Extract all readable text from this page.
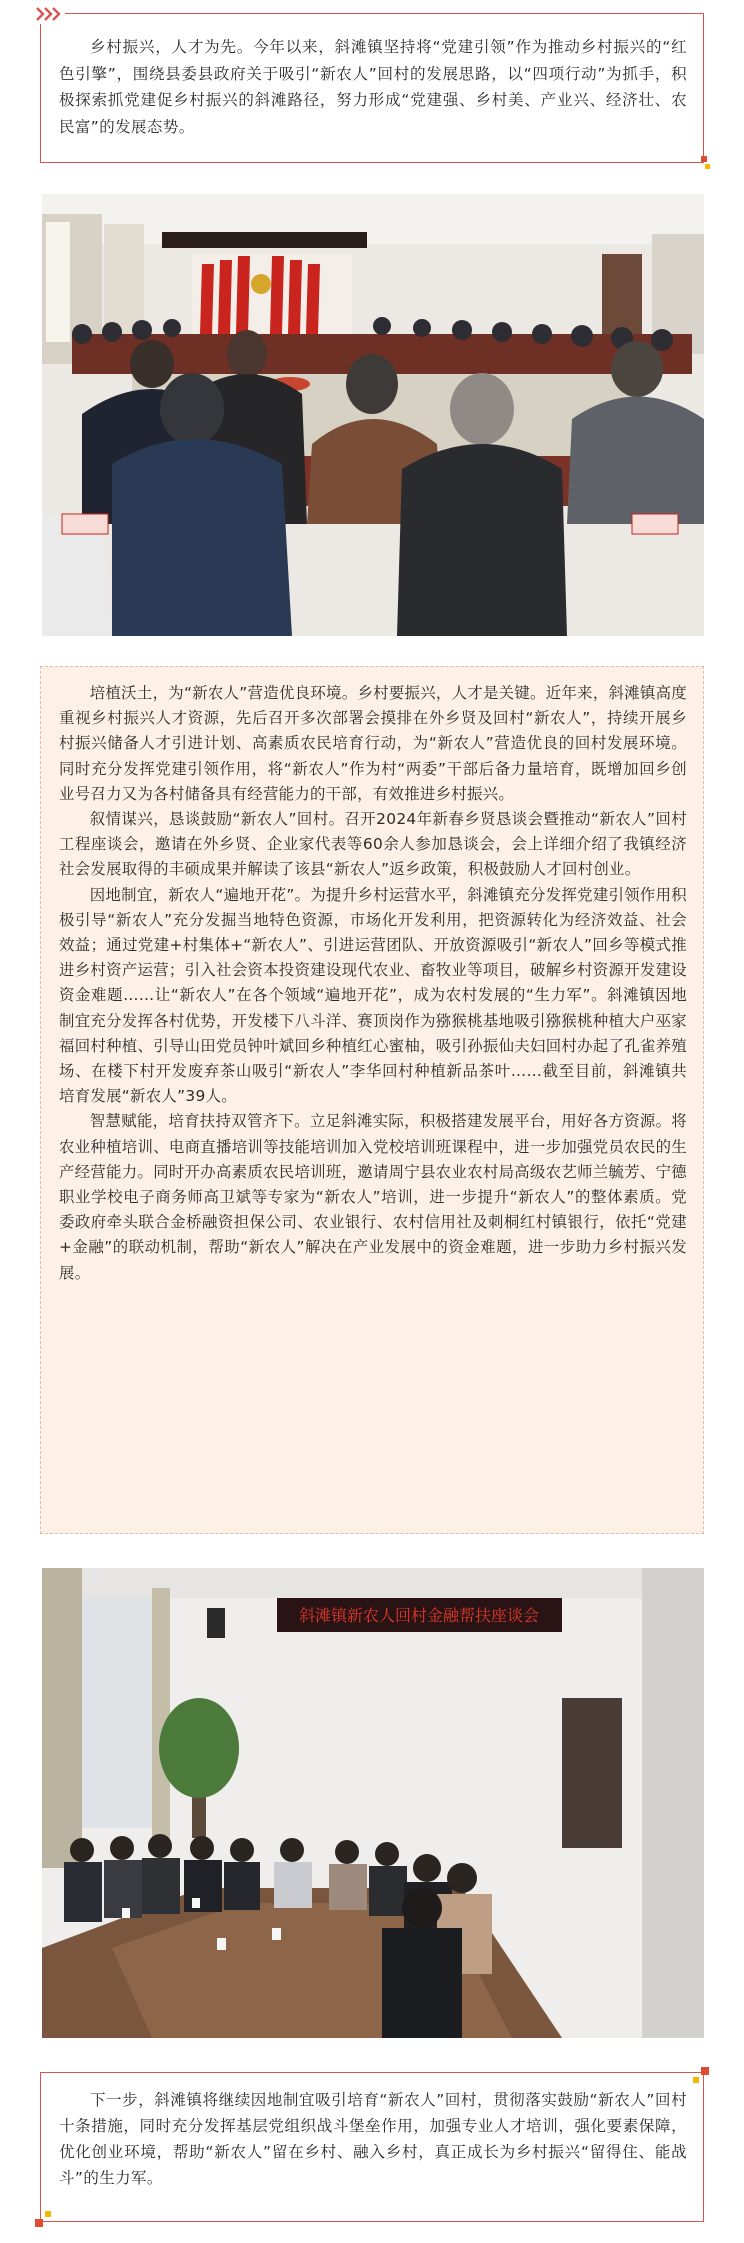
乡村振兴，人才为先。今年以来，斜滩镇坚持将“党建引领”作为推动乡村振兴的“红色引擎”，围绕县委县政府关于吸引“新农人”回村的发展思路，以“四项行动”为抓手，积极探索抓党建促乡村振兴的斜滩路径，努力形成“党建强、乡村美、产业兴、经济壮、农民富”的发展态势。

培植沃土，为“新农人”营造优良环境。乡村要振兴，人才是关键。近年来，斜滩镇高度重视乡村振兴人才资源，先后召开多次部署会摸排在外乡贤及回村“新农人”，持续开展乡村振兴储备人才引进计划、高素质农民培育行动，为“新农人”营造优良的回村发展环境。同时充分发挥党建引领作用，将“新农人”作为村“两委”干部后备力量培育，既增加回乡创业号召力又为各村储备具有经营能力的干部，有效推进乡村振兴。

叙情谋兴，恳谈鼓励“新农人”回村。召开2024年新春乡贤恳谈会暨推动“新农人”回村工程座谈会，邀请在外乡贤、企业家代表等60余人参加恳谈会，会上详细介绍了我镇经济社会发展取得的丰硕成果并解读了该县“新农人”返乡政策，积极鼓励人才回村创业。

因地制宜，新农人“遍地开花”。为提升乡村运营水平，斜滩镇充分发挥党建引领作用积极引导“新农人”充分发掘当地特色资源，市场化开发利用，把资源转化为经济效益、社会效益；通过党建+村集体+“新农人”、引进运营团队、开放资源吸引“新农人”回乡等模式推进乡村资产运营；引入社会资本投资建设现代农业、畜牧业等项目，破解乡村资源开发建设资金难题……让“新农人”在各个领域“遍地开花”，成为农村发展的“生力军”。斜滩镇因地制宜充分发挥各村优势，开发楼下八斗洋、赛顶岗作为猕猴桃基地吸引猕猴桃种植大户巫家福回村种植、引导山田党员钟叶斌回乡种植红心蜜柚，吸引孙振仙夫妇回村办起了孔雀养殖场、在楼下村开发废弃茶山吸引“新农人”李华回村种植新品茶叶……截至目前，斜滩镇共培育发展“新农人”39人。

智慧赋能，培育扶持双管齐下。立足斜滩实际，积极搭建发展平台，用好各方资源。将农业种植培训、电商直播培训等技能培训加入党校培训班课程中，进一步加强党员农民的生产经营能力。同时开办高素质农民培训班，邀请周宁县农业农村局高级农艺师兰毓芳、宁德职业学校电子商务师高卫斌等专家为“新农人”培训，进一步提升“新农人”的整体素质。党委政府牵头联合金桥融资担保公司、农业银行、农村信用社及刺桐红村镇银行，依托“党建+金融”的联动机制，帮助“新农人”解决在产业发展中的资金难题，进一步助力乡村振兴发展。

斜滩镇新农人回村金融帮扶座谈会

下一步，斜滩镇将继续因地制宜吸引培育“新农人”回村，贯彻落实鼓励“新农人”回村十条措施，同时充分发挥基层党组织战斗堡垒作用，加强专业人才培训，强化要素保障，优化创业环境，帮助“新农人”留在乡村、融入乡村，真正成长为乡村振兴“留得住、能战斗”的生力军。
